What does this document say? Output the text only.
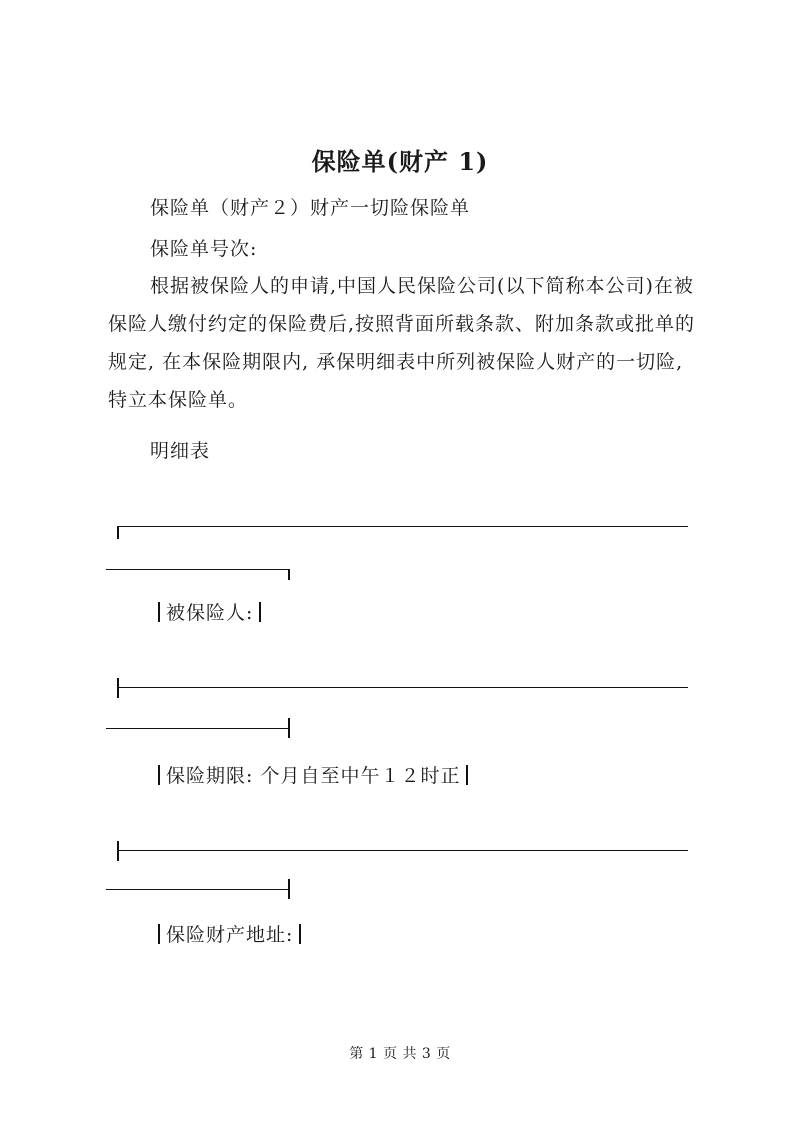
保险单(财产 1)
保险单（财产２）财产一切险保险单
保险单号次:

根据被保险人的申请,中国人民保险公司(以下简称本公司)在被保险人缴付约定的保险费后,按照背面所载条款、附加条款或批单的规定, 在本保险期限内, 承保明细表中所列被保险人财产的一切险, 特立本保险单。

明细表
被保险人:
保险期限: 个月自至中午１２时正
保险财产地址:
第 1 页 共 3 页
